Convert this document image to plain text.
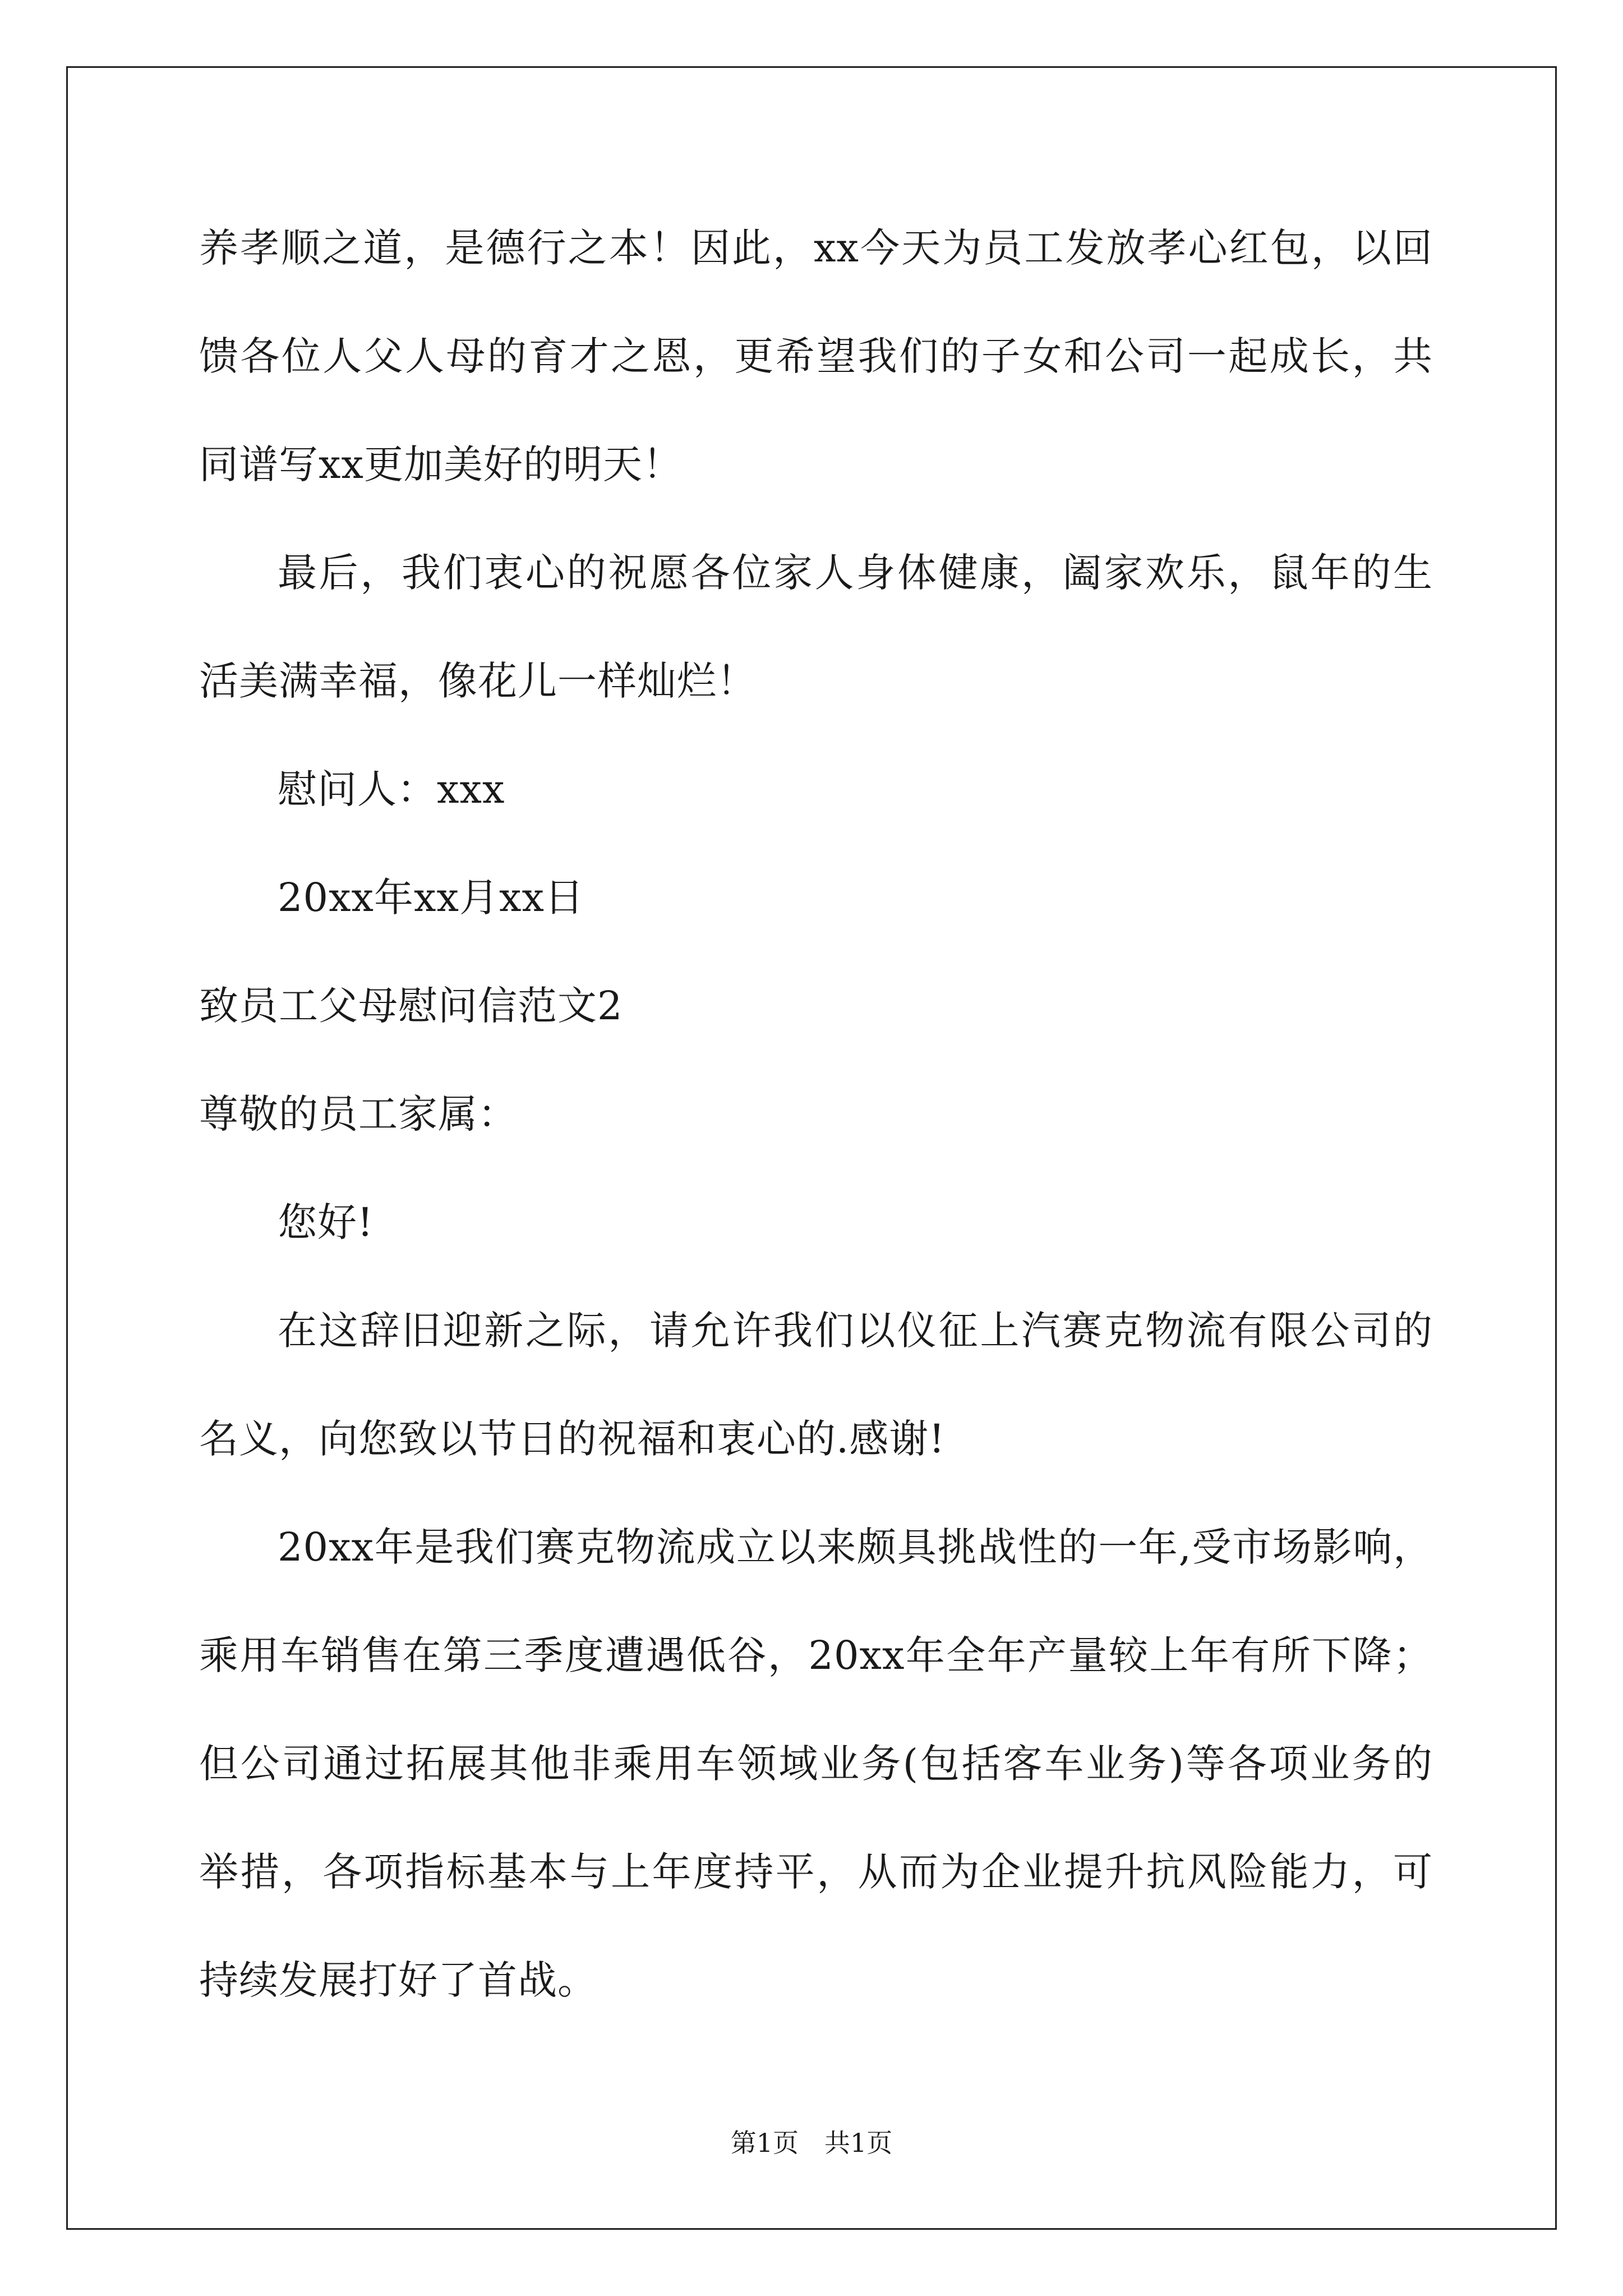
养孝顺之道，是德行之本！因此，xx今天为员工发放孝心红包，以回
馈各位人父人母的育才之恩，更希望我们的子女和公司一起成长，共
同谱写xx更加美好的明天！
最后，我们衷心的祝愿各位家人身体健康，阖家欢乐，鼠年的生
活美满幸福，像花儿一样灿烂！
慰问人：xxx
20xx年xx月xx日
致员工父母慰问信范文2
尊敬的员工家属：
您好!
在这辞旧迎新之际，请允许我们以仪征上汽赛克物流有限公司的
名义，向您致以节日的祝福和衷心的.感谢!
20xx年是我们赛克物流成立以来颇具挑战性的一年,受市场影响，
乘用车销售在第三季度遭遇低谷，20xx年全年产量较上年有所下降；
但公司通过拓展其他非乘用车领域业务(包括客车业务)等各项业务的
举措，各项指标基本与上年度持平，从而为企业提升抗风险能力，可
持续发展打好了首战。
第1页　共1页
